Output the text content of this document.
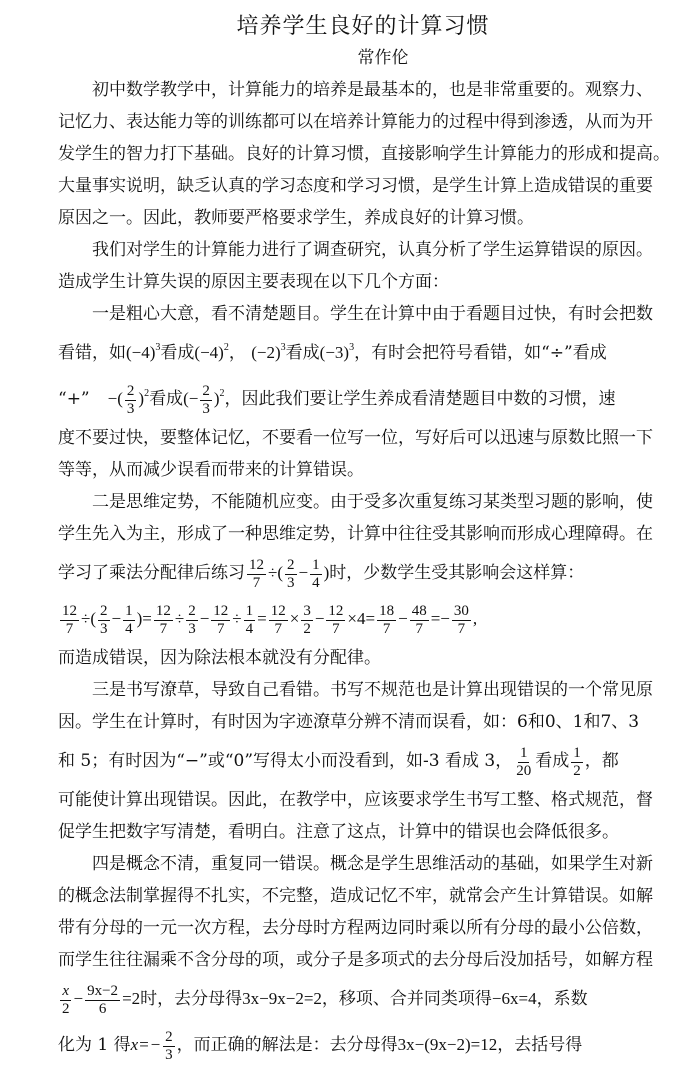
培养学生良好的计算习惯
常作伦
初中数学教学中，计算能力的培养是最基本的，也是非常重要的。观察力、
记忆力、表达能力等的训练都可以在培养计算能力的过程中得到渗透，从而为开
发学生的智力打下基础。良好的计算习惯，直接影响学生计算能力的形成和提高。
大量事实说明，缺乏认真的学习态度和学习习惯，是学生计算上造成错误的重要
原因之一。因此，教师要严格要求学生，养成良好的计算习惯。
我们对学生的计算能力进行了调查研究，认真分析了学生运算错误的原因。
造成学生计算失误的原因主要表现在以下几个方面：
一是粗心大意，看不清楚题目。学生在计算中由于看题目过快，有时会把数
看错，如$(-4)^3$看成$(-4)^2$， $(-2)^3$看成$(-3)^3$，有时会把符号看错，如“÷”看成
“+” −( $\frac{2}{3} )^2$看成(− $\frac{2}{3} )^2$，因此我们要让学生养成看清楚题目中数的习惯，速
度不要过快，要整体记忆，不要看一位写一位，写好后可以迅速与原数比照一下
等等，从而减少误看而带来的计算错误。
二是思维定势，不能随机应变。由于受多次重复练习某类型习题的影响，使
学生先入为主，形成了一种思维定势，计算中往往受其影响而形成心理障碍。在
学习了乘法分配律后练习 $\frac{12}{7}$ ÷( $\frac{2}{3} - \frac{1}{4}$ )时，少数学生受其影响会这样算：
$\frac{12}{7}$ ÷( $\frac{2}{3} - \frac{1}{4}$ )= $\frac{12}{7} \div \frac{2}{3} - \frac{12}{7} \div \frac{1}{4} = \frac{12}{7} \times \frac{3}{2} - \frac{12}{7} \times 4= \frac{18}{7} - \frac{48}{7} =- \frac{30}{7}$ ,
而造成错误，因为除法根本就没有分配律。
三是书写潦草，导致自己看错。书写不规范也是计算出现错误的一个常见原
因。学生在计算时，有时因为字迹潦草分辨不清而误看，如：6和0、1和7、3
和 5；有时因为“−”或“0”写得太小而没看到，如-3 看成 3， $\frac{1}{20}$ 看成 $\frac{1}{2}$ ，都
可能使计算出现错误。因此，在教学中，应该要求学生书写工整、格式规范，督
促学生把数字写清楚，看明白。注意了这点，计算中的错误也会降低很多。
四是概念不清，重复同一错误。概念是学生思维活动的基础，如果学生对新
的概念法制掌握得不扎实，不完整，造成记忆不牢，就常会产生计算错误。如解
带有分母的一元一次方程，去分母时方程两边同时乘以所有分母的最小公倍数，
而学生往往漏乘不含分母的项，或分子是多项式的去分母后没加括号，如解方程
$\frac{x}{2} - \frac{9x-2}{6} =2$时，去分母得3x−9x−2=2，移项、合并同类项得−6x=4，系数
化为 1 得$x=- \frac{2}{3}$ ，而正确的解法是：去分母得3x−(9x−2)=12，去括号得
